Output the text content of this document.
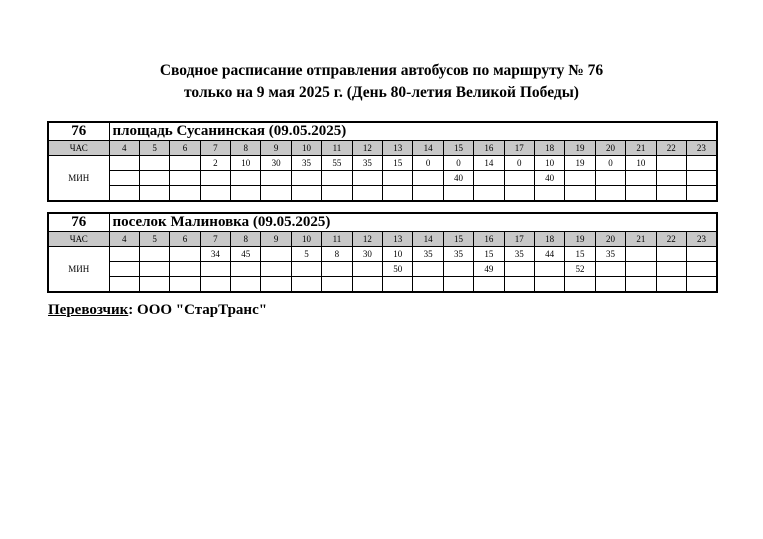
Сводное расписание отправления автобусов по маршруту № 76
только на 9 мая 2025 г. (День 80-летия Великой Победы)
76	площадь Сусанинская (09.05.2025)																			
ЧАС	4	5	6	7	8	9	10	11	12	13	14	15	16	17	18	19	20	21	22	23
МИН				2	10	30	35	55	35	15	0	0	14	0	10	19	0	10		
												40			40					

76	поселок Малиновка (09.05.2025)																			
ЧАС	4	5	6	7	8	9	10	11	12	13	14	15	16	17	18	19	20	21	22	23
МИН				34	45		5	8	30	10	35	35	15	35	44	15	35			
										50			49			52				

Перевозчик: ООО "СтарТранс"
